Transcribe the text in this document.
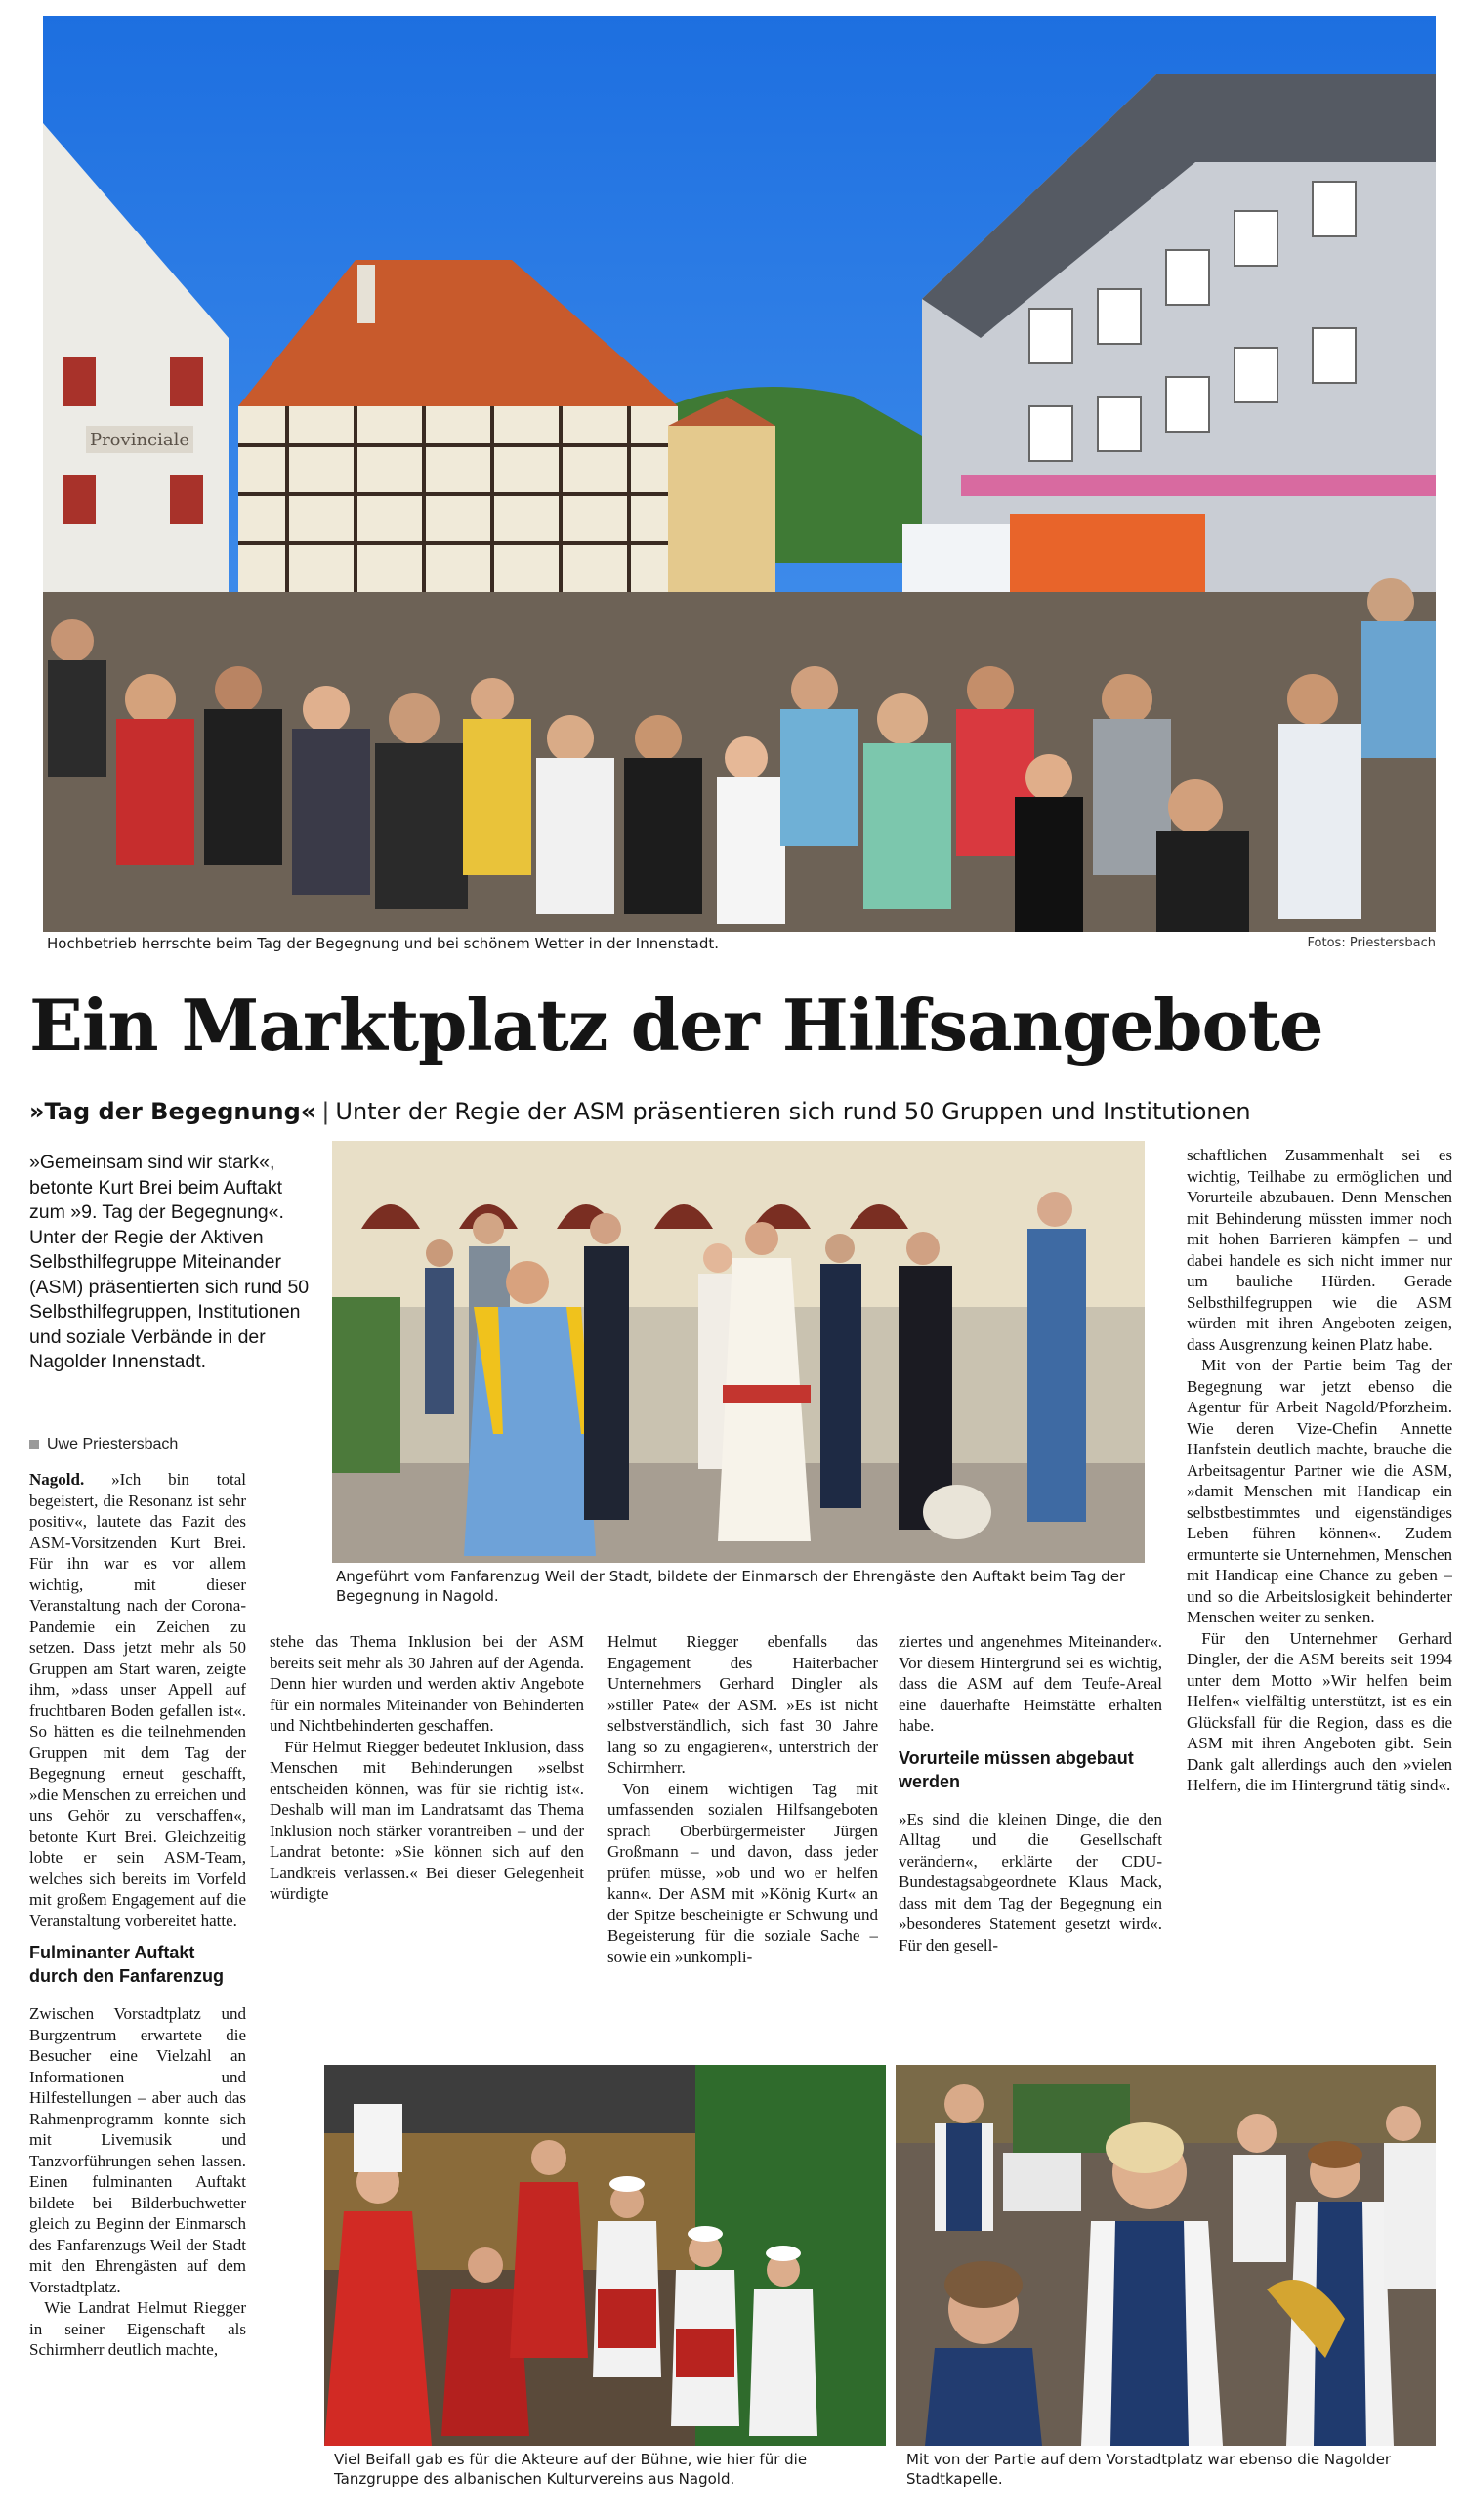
Provinciale
Hochbetrieb herrschte beim Tag der Begegnung und bei schönem Wetter in der Innenstadt.	Fotos: Priestersbach
Ein Marktplatz der Hilfsangebote
»Tag der Begegnung« | Unter der Regie der ASM präsentieren sich rund 50 Gruppen und Institutionen
»Gemeinsam sind wir stark«, betonte Kurt Brei beim Auftakt zum »9. Tag der Begegnung«. Unter der Regie der Aktiven Selbsthilfegruppe Miteinander (ASM) präsentierten sich rund 50 Selbsthilfegruppen, Institutionen und soziale Verbände in der Nagolder Innenstadt.
Uwe Priestersbach
Angeführt vom Fanfarenzug Weil der Stadt, bildete der Einmarsch der Ehrengäste den Auftakt beim Tag der Begegnung in Nagold.

Nagold. »Ich bin total begeistert, die Resonanz ist sehr positiv«, lautete das Fazit des ASM-Vorsitzenden Kurt Brei. Für ihn war es vor allem wichtig, mit dieser Veranstaltung nach der Corona-Pandemie ein Zeichen zu setzen. Dass jetzt mehr als 50 Gruppen am Start waren, zeigte ihm, »dass unser Appell auf fruchtbaren Boden gefallen ist«. So hätten es die teilnehmenden Gruppen mit dem Tag der Begegnung erneut geschafft, »die Menschen zu erreichen und uns Gehör zu verschaffen«, betonte Kurt Brei. Gleichzeitig lobte er sein ASM-Team, welches sich bereits im Vorfeld mit großem Engagement auf die Veranstaltung vorbereitet hatte.

Fulminanter Auftakt durch den Fanfarenzug

Zwischen Vorstadtplatz und Burgzentrum erwartete die Besucher eine Vielzahl an Informationen und Hilfestellungen – aber auch das Rahmenprogramm konnte sich mit Livemusik und Tanzvorführungen sehen lassen. Einen fulminanten Auftakt bildete bei Bilderbuchwetter gleich zu Beginn der Einmarsch des Fanfarenzugs Weil der Stadt mit den Ehrengästen auf dem Vorstadtplatz.

Wie Landrat Helmut Riegger in seiner Eigenschaft als Schirmherr deutlich machte,

stehe das Thema Inklusion bei der ASM bereits seit mehr als 30 Jahren auf der Agenda. Denn hier wurden und werden aktiv Angebote für ein normales Miteinander von Behinderten und Nichtbehinderten geschaffen.

Für Helmut Riegger bedeutet Inklusion, dass Menschen mit Behinderungen »selbst entscheiden können, was für sie richtig ist«. Deshalb will man im Landratsamt das Thema Inklusion noch stärker vorantreiben – und der Landrat betonte: »Sie können sich auf den Landkreis verlassen.« Bei dieser Gelegenheit würdigte

Helmut Riegger ebenfalls das Engagement des Haiterbacher Unternehmers Gerhard Dingler als »stiller Pate« der ASM. »Es ist nicht selbstverständlich, sich fast 30 Jahre lang so zu engagieren«, unterstrich der Schirmherr.

Von einem wichtigen Tag mit umfassenden sozialen Hilfsangeboten sprach Oberbürgermeister Jürgen Großmann – und davon, dass jeder prüfen müsse, »ob und wo er helfen kann«. Der ASM mit »König Kurt« an der Spitze bescheinigte er Schwung und Begeisterung für die soziale Sache – sowie ein »unkompli-

ziertes und angenehmes Miteinander«. Vor diesem Hintergrund sei es wichtig, dass die ASM auf dem Teufe-Areal eine dauerhafte Heimstätte erhalten habe.

Vorurteile müssen abgebaut werden

»Es sind die kleinen Dinge, die den Alltag und die Gesellschaft verändern«, erklärte der CDU-Bundestagsabgeordnete Klaus Mack, dass mit dem Tag der Begegnung ein »besonderes Statement gesetzt wird«. Für den gesell-

schaftlichen Zusammenhalt sei es wichtig, Teilhabe zu ermöglichen und Vorurteile abzubauen. Denn Menschen mit Behinderung müssten immer noch mit hohen Barrieren kämpfen – und dabei handele es sich nicht immer nur um bauliche Hürden. Gerade Selbsthilfegruppen wie die ASM würden mit ihren Angeboten zeigen, dass Ausgrenzung keinen Platz habe.

Mit von der Partie beim Tag der Begegnung war jetzt ebenso die Agentur für Arbeit Nagold/Pforzheim. Wie deren Vize-Chefin Annette Hanfstein deutlich machte, brauche die Arbeitsagentur Partner wie die ASM, »damit Menschen mit Handicap ein selbstbestimmtes und eigenständiges Leben führen können«. Zudem ermunterte sie Unternehmen, Menschen mit Handicap eine Chance zu geben – und so die Arbeitslosigkeit behinderter Menschen weiter zu senken.

Für den Unternehmer Gerhard Dingler, der die ASM bereits seit 1994 unter dem Motto »Wir helfen beim Helfen« vielfältig unterstützt, ist es ein Glücksfall für die Region, dass es die ASM mit ihren Angeboten gibt. Sein Dank galt allerdings auch den »vielen Helfern, die im Hintergrund tätig sind«.

Viel Beifall gab es für die Akteure auf der Bühne, wie hier für die Tanzgruppe des albanischen Kulturvereins aus Nagold.
Mit von der Partie auf dem Vorstadtplatz war ebenso die Nagolder Stadtkapelle.
